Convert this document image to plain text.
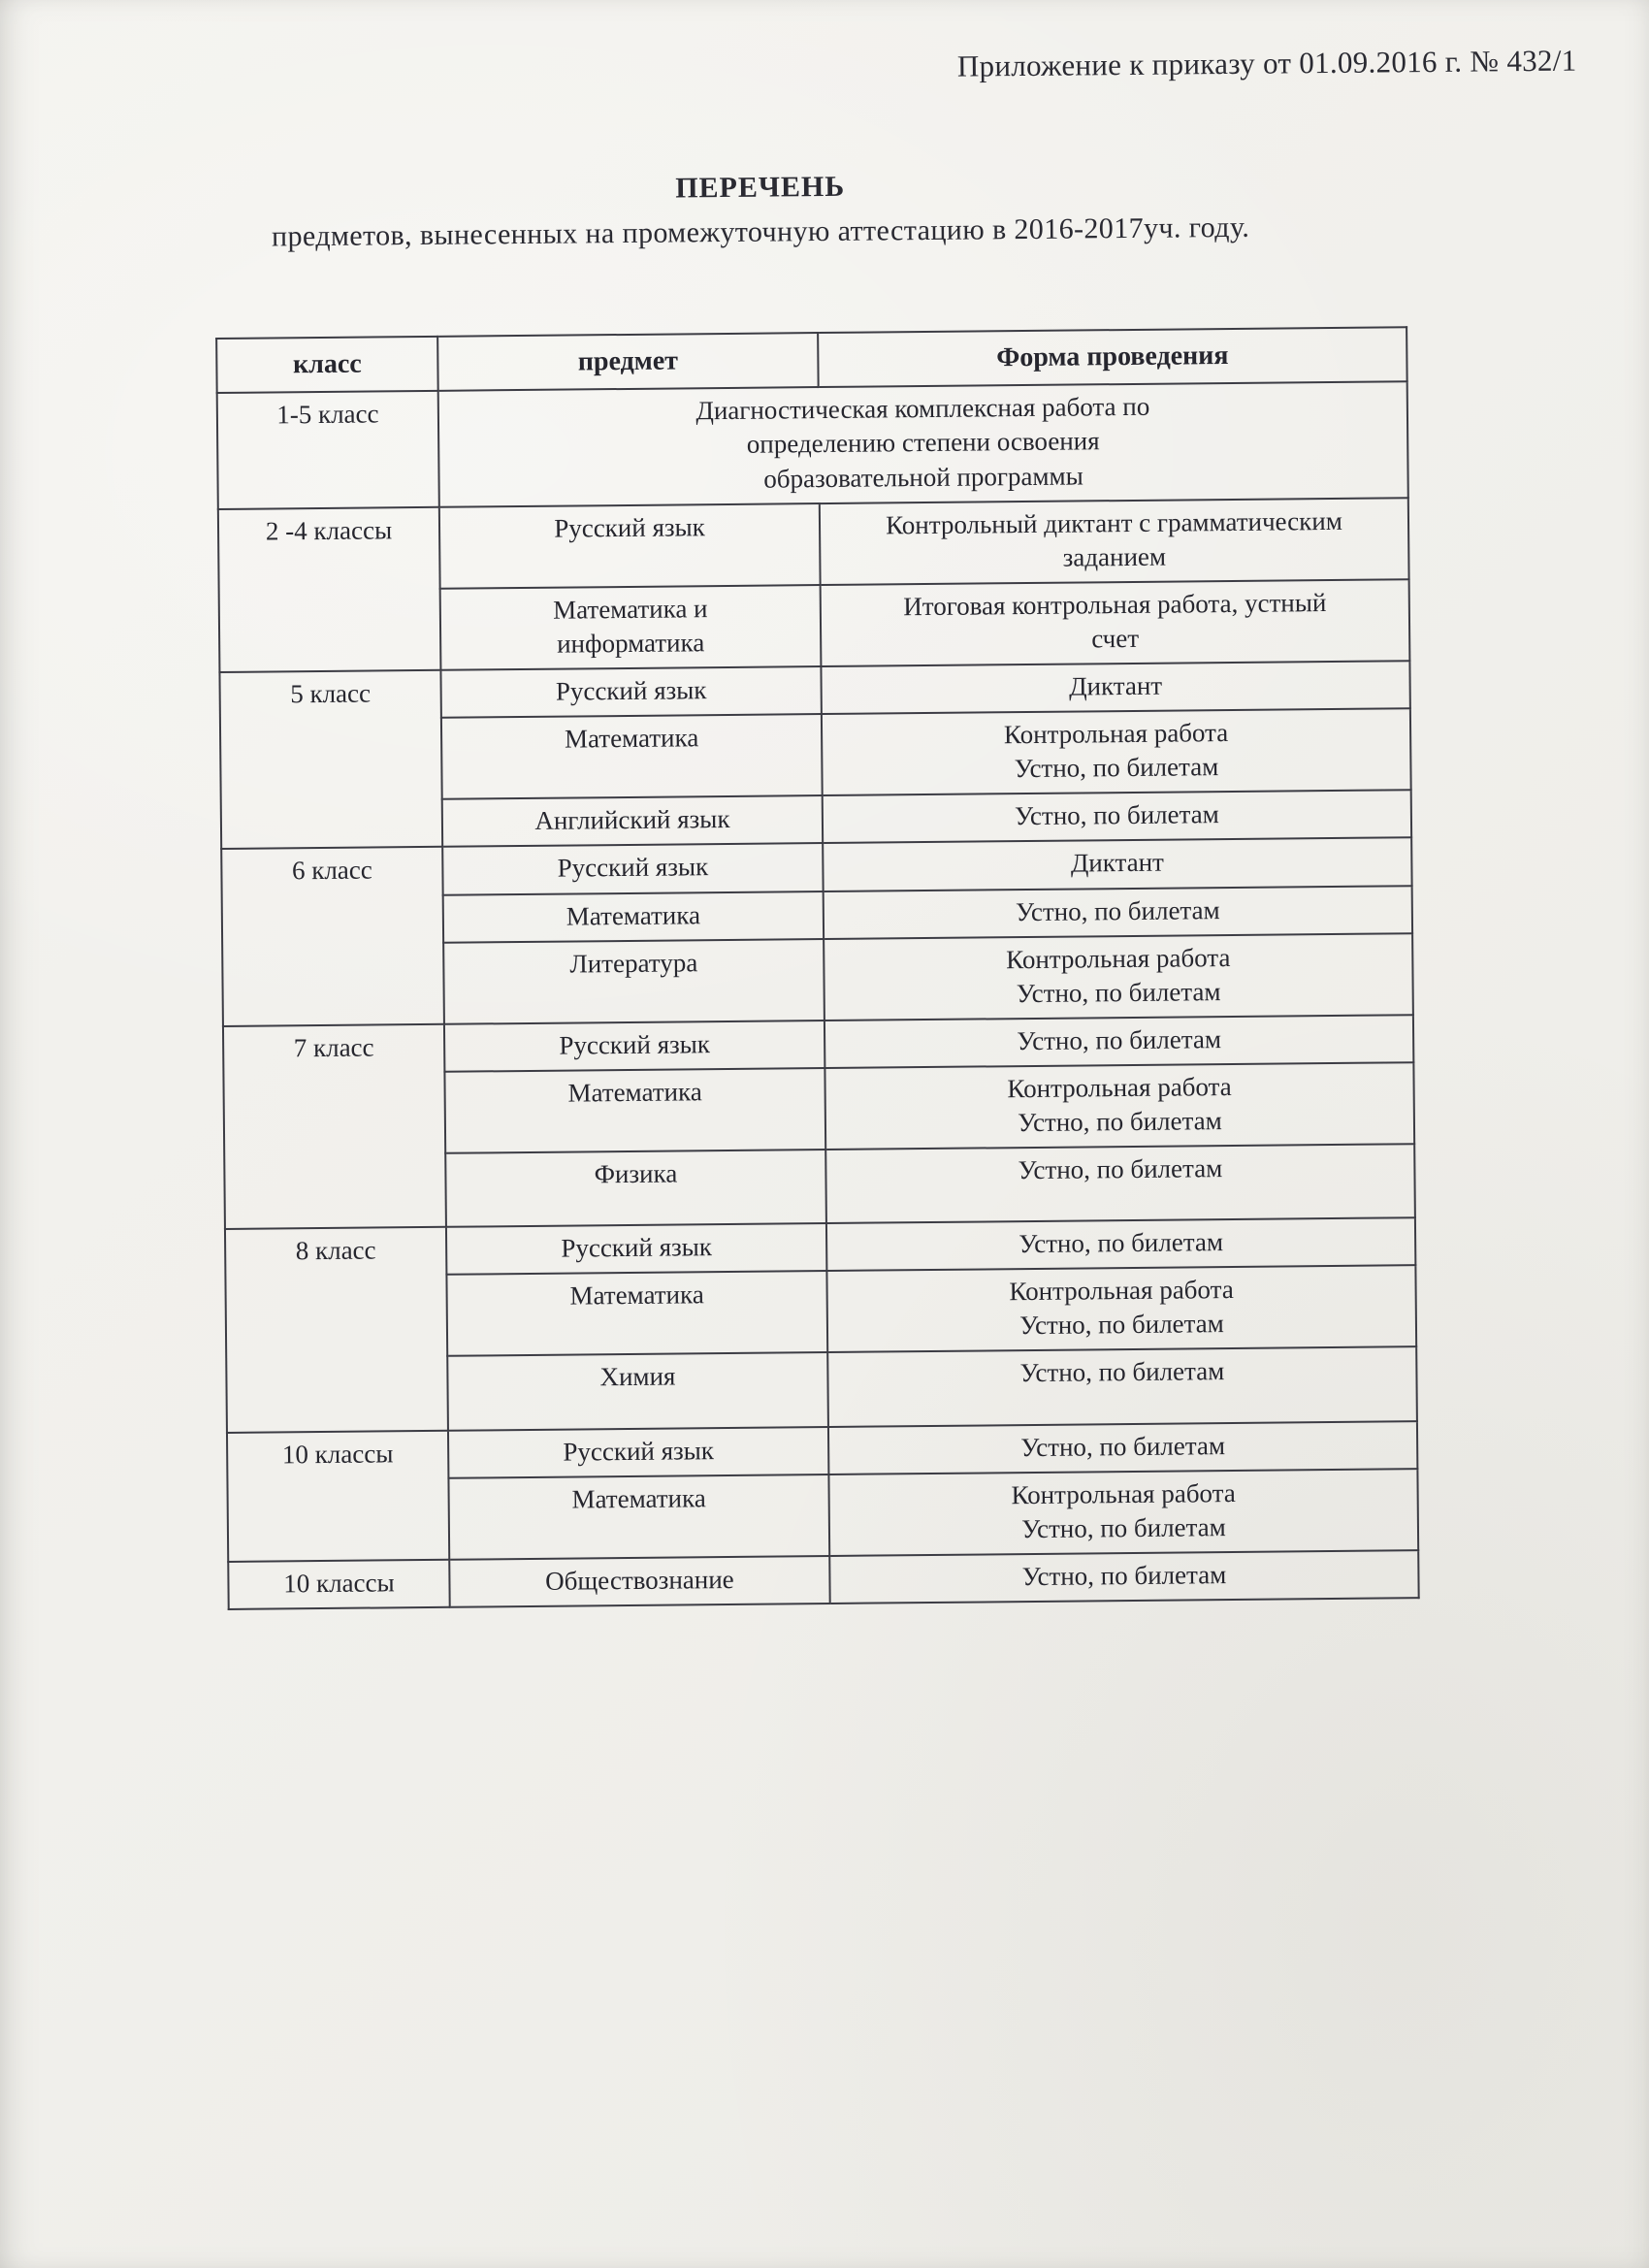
Приложение к приказу от 01.09.2016 г. № 432/1
ПЕРЕЧЕНЬ
предметов, вынесенных на промежуточную аттестацию в 2016-2017уч. году.
класс	предмет	Форма проведения
1-5 класс	Диагностическая комплексная работа по
определению степени освоения
образовательной программы	
2 -4 классы	Русский язык	Контрольный диктант с грамматическим
заданием
	Математика и
информатика	Итоговая контрольная работа, устный
счет
5 класс	Русский язык	Диктант
	Математика	Контрольная работа
Устно, по билетам
	Английский язык	Устно, по билетам
6 класс	Русский язык	Диктант
	Математика	Устно, по билетам
	Литература	Контрольная работа
Устно, по билетам
7 класс	Русский язык	Устно, по билетам
	Математика	Контрольная работа
Устно, по билетам
	Физика	Устно, по билетам
8 класс	Русский язык	Устно, по билетам
	Математика	Контрольная работа
Устно, по билетам
	Химия	Устно, по билетам
10 классы	Русский язык	Устно, по билетам
	Математика	Контрольная работа
Устно, по билетам
10 классы	Обществознание	Устно, по билетам
